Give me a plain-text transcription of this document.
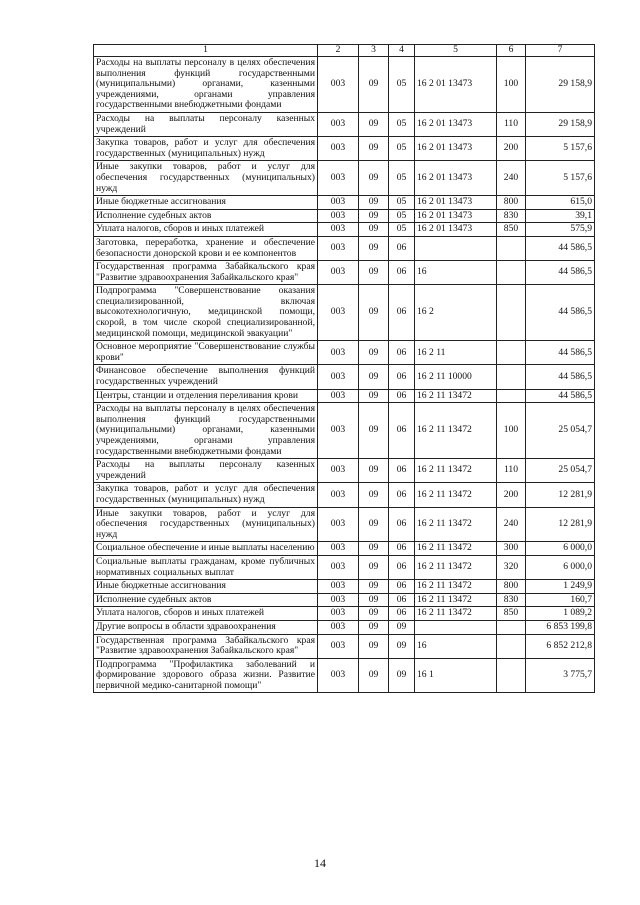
1	2	3	4	5	6	7
Расходы на выплаты персоналу в целях обеспечения выполнения функций государственными (муниципальными) органами, казенными учреждениями, органами управления государственными внебюджетными фондами	003	09	05	16 2 01 13473	100	29 158,9
Расходы на выплаты персоналу казенных учреждений	003	09	05	16 2 01 13473	110	29 158,9
Закупка товаров, работ и услуг для обеспечения государственных (муниципальных) нужд	003	09	05	16 2 01 13473	200	5 157,6
Иные закупки товаров, работ и услуг для обеспечения государственных (муниципальных) нужд	003	09	05	16 2 01 13473	240	5 157,6
Иные бюджетные ассигнования	003	09	05	16 2 01 13473	800	615,0
Исполнение судебных актов	003	09	05	16 2 01 13473	830	39,1
Уплата налогов, сборов и иных платежей	003	09	05	16 2 01 13473	850	575,9
Заготовка, переработка, хранение и обеспечение безопасности донорской крови и ее компонентов	003	09	06			44 586,5
Государственная программа Забайкальского края "Развитие здравоохранения Забайкальского края"	003	09	06	16		44 586,5
Подпрограмма "Совершенствование оказания специализированной, включая высокотехнологичную, медицинской помощи, скорой, в том числе скорой специализированной, медицинской помощи, медицинской эвакуации"	003	09	06	16 2		44 586,5
Основное мероприятие "Совершенствование службы крови"	003	09	06	16 2 11		44 586,5
Финансовое обеспечение выполнения функций государственных учреждений	003	09	06	16 2 11 10000		44 586,5
Центры, станции и отделения переливания крови	003	09	06	16 2 11 13472		44 586,5
Расходы на выплаты персоналу в целях обеспечения выполнения функций государственными (муниципальными) органами, казенными учреждениями, органами управления государственными внебюджетными фондами	003	09	06	16 2 11 13472	100	25 054,7
Расходы на выплаты персоналу казенных учреждений	003	09	06	16 2 11 13472	110	25 054,7
Закупка товаров, работ и услуг для обеспечения государственных (муниципальных) нужд	003	09	06	16 2 11 13472	200	12 281,9
Иные закупки товаров, работ и услуг для обеспечения государственных (муниципальных) нужд	003	09	06	16 2 11 13472	240	12 281,9
Социальное обеспечение и иные выплаты населению	003	09	06	16 2 11 13472	300	6 000,0
Социальные выплаты гражданам, кроме публичных нормативных социальных выплат	003	09	06	16 2 11 13472	320	6 000,0
Иные бюджетные ассигнования	003	09	06	16 2 11 13472	800	1 249,9
Исполнение судебных актов	003	09	06	16 2 11 13472	830	160,7
Уплата налогов, сборов и иных платежей	003	09	06	16 2 11 13472	850	1 089,2
Другие вопросы в области здравоохранения	003	09	09			6 853 199,8
Государственная программа Забайкальского края "Развитие здравоохранения Забайкальского края"	003	09	09	16		6 852 212,8
Подпрограмма "Профилактика заболеваний и формирование здорового образа жизни. Развитие первичной медико-санитарной помощи"	003	09	09	16 1		3 775,7
14
